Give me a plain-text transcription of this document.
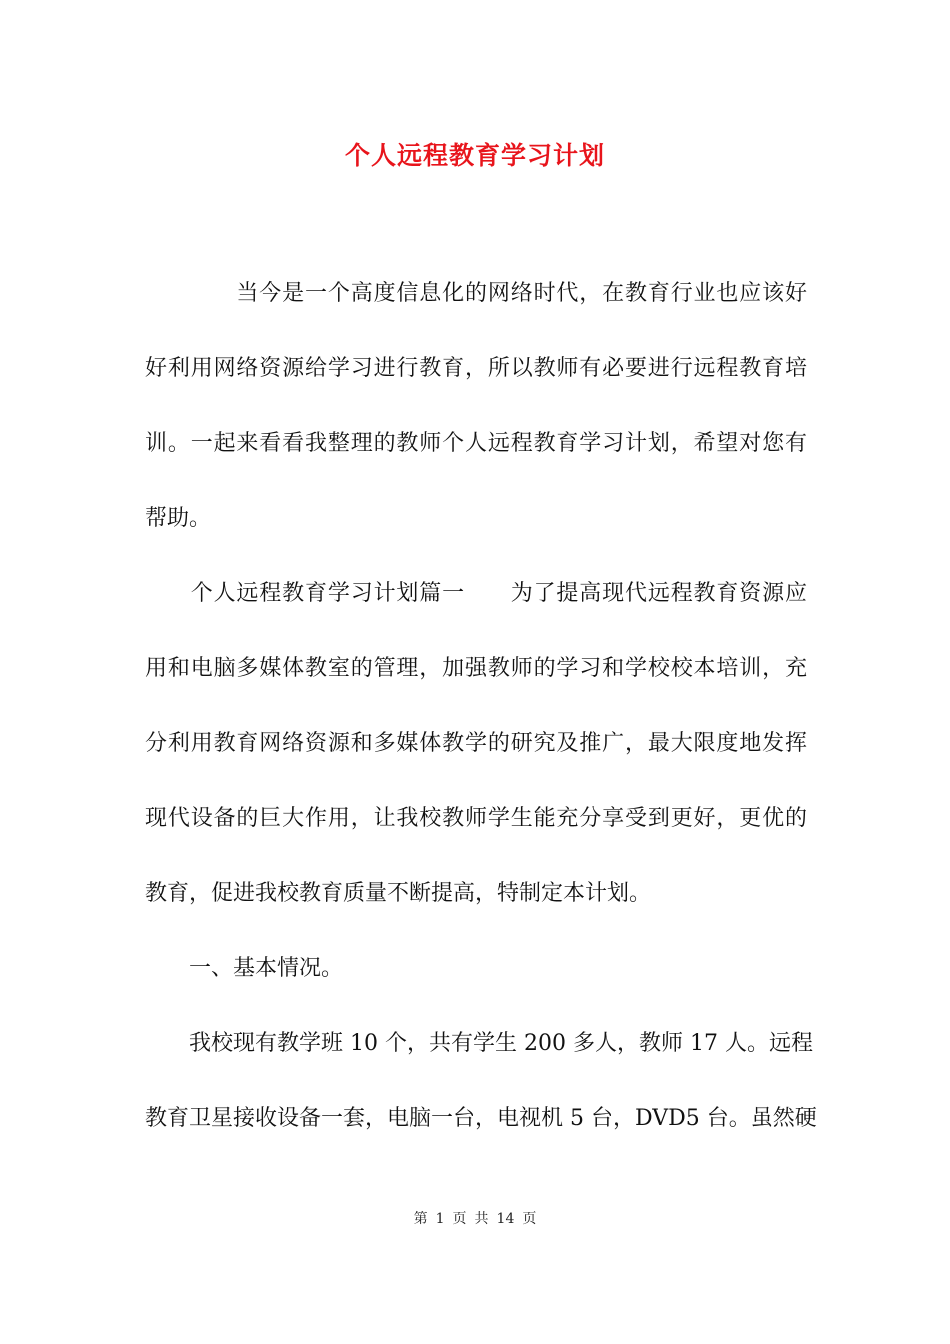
个人远程教育学习计划
　　　　当今是一个高度信息化的网络时代，在教育行业也应该好
好利用网络资源给学习进行教育，所以教师有必要进行远程教育培
训。一起来看看我整理的教师个人远程教育学习计划，希望对您有
帮助。
　　个人远程教育学习计划篇一　　为了提高现代远程教育资源应
用和电脑多媒体教室的管理，加强教师的学习和学校校本培训，充
分利用教育网络资源和多媒体教学的研究及推广，最大限度地发挥
现代设备的巨大作用，让我校教师学生能充分享受到更好，更优的
教育，促进我校教育质量不断提高，特制定本计划。
　　一、基本情况。
　　我校现有教学班 10 个，共有学生 200 多人，教师 17 人。远程
教育卫星接收设备一套，电脑一台，电视机 5 台，DVD5 台。虽然硬
第 1 页 共 14 页
